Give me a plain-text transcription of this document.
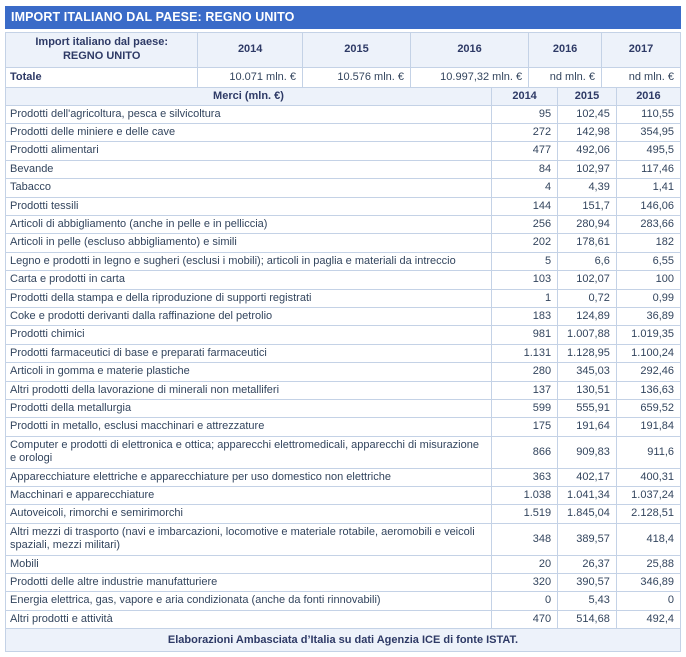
IMPORT ITALIANO DAL PAESE: REGNO UNITO
Import italiano dal paese:
REGNO UNITO	2014	2015	2016	2016	2017
Totale	10.071 mln. €	10.576 mln. €	10.997,32 mln. €	nd mln. €	nd mln. €
Merci (mln. €)	2014	2015	2016
Prodotti dell'agricoltura, pesca e silvicoltura	95	102,45	110,55
Prodotti delle miniere e delle cave	272	142,98	354,95
Prodotti alimentari	477	492,06	495,5
Bevande	84	102,97	117,46
Tabacco	4	4,39	1,41
Prodotti tessili	144	151,7	146,06
Articoli di abbigliamento (anche in pelle e in pelliccia)	256	280,94	283,66
Articoli in pelle (escluso abbigliamento) e simili	202	178,61	182
Legno e prodotti in legno e sugheri (esclusi i mobili); articoli in paglia e materiali da intreccio	5	6,6	6,55
Carta e prodotti in carta	103	102,07	100
Prodotti della stampa e della riproduzione di supporti registrati	1	0,72	0,99
Coke e prodotti derivanti dalla raffinazione del petrolio	183	124,89	36,89
Prodotti chimici	981	1.007,88	1.019,35
Prodotti farmaceutici di base e preparati farmaceutici	1.131	1.128,95	1.100,24
Articoli in gomma e materie plastiche	280	345,03	292,46
Altri prodotti della lavorazione di minerali non metalliferi	137	130,51	136,63
Prodotti della metallurgia	599	555,91	659,52
Prodotti in metallo, esclusi macchinari e attrezzature	175	191,64	191,84
Computer e prodotti di elettronica e ottica; apparecchi elettromedicali, apparecchi di misurazione e orologi	866	909,83	911,6
Apparecchiature elettriche e apparecchiature per uso domestico non elettriche	363	402,17	400,31
Macchinari e apparecchiature	1.038	1.041,34	1.037,24
Autoveicoli, rimorchi e semirimorchi	1.519	1.845,04	2.128,51
Altri mezzi di trasporto (navi e imbarcazioni, locomotive e materiale rotabile, aeromobili e veicoli spaziali, mezzi militari)	348	389,57	418,4
Mobili	20	26,37	25,88
Prodotti delle altre industrie manufatturiere	320	390,57	346,89
Energia elettrica, gas, vapore e aria condizionata (anche da fonti rinnovabili)	0	5,43	0
Altri prodotti e attività	470	514,68	492,4
Elaborazioni Ambasciata d’Italia su dati Agenzia ICE di fonte ISTAT.
